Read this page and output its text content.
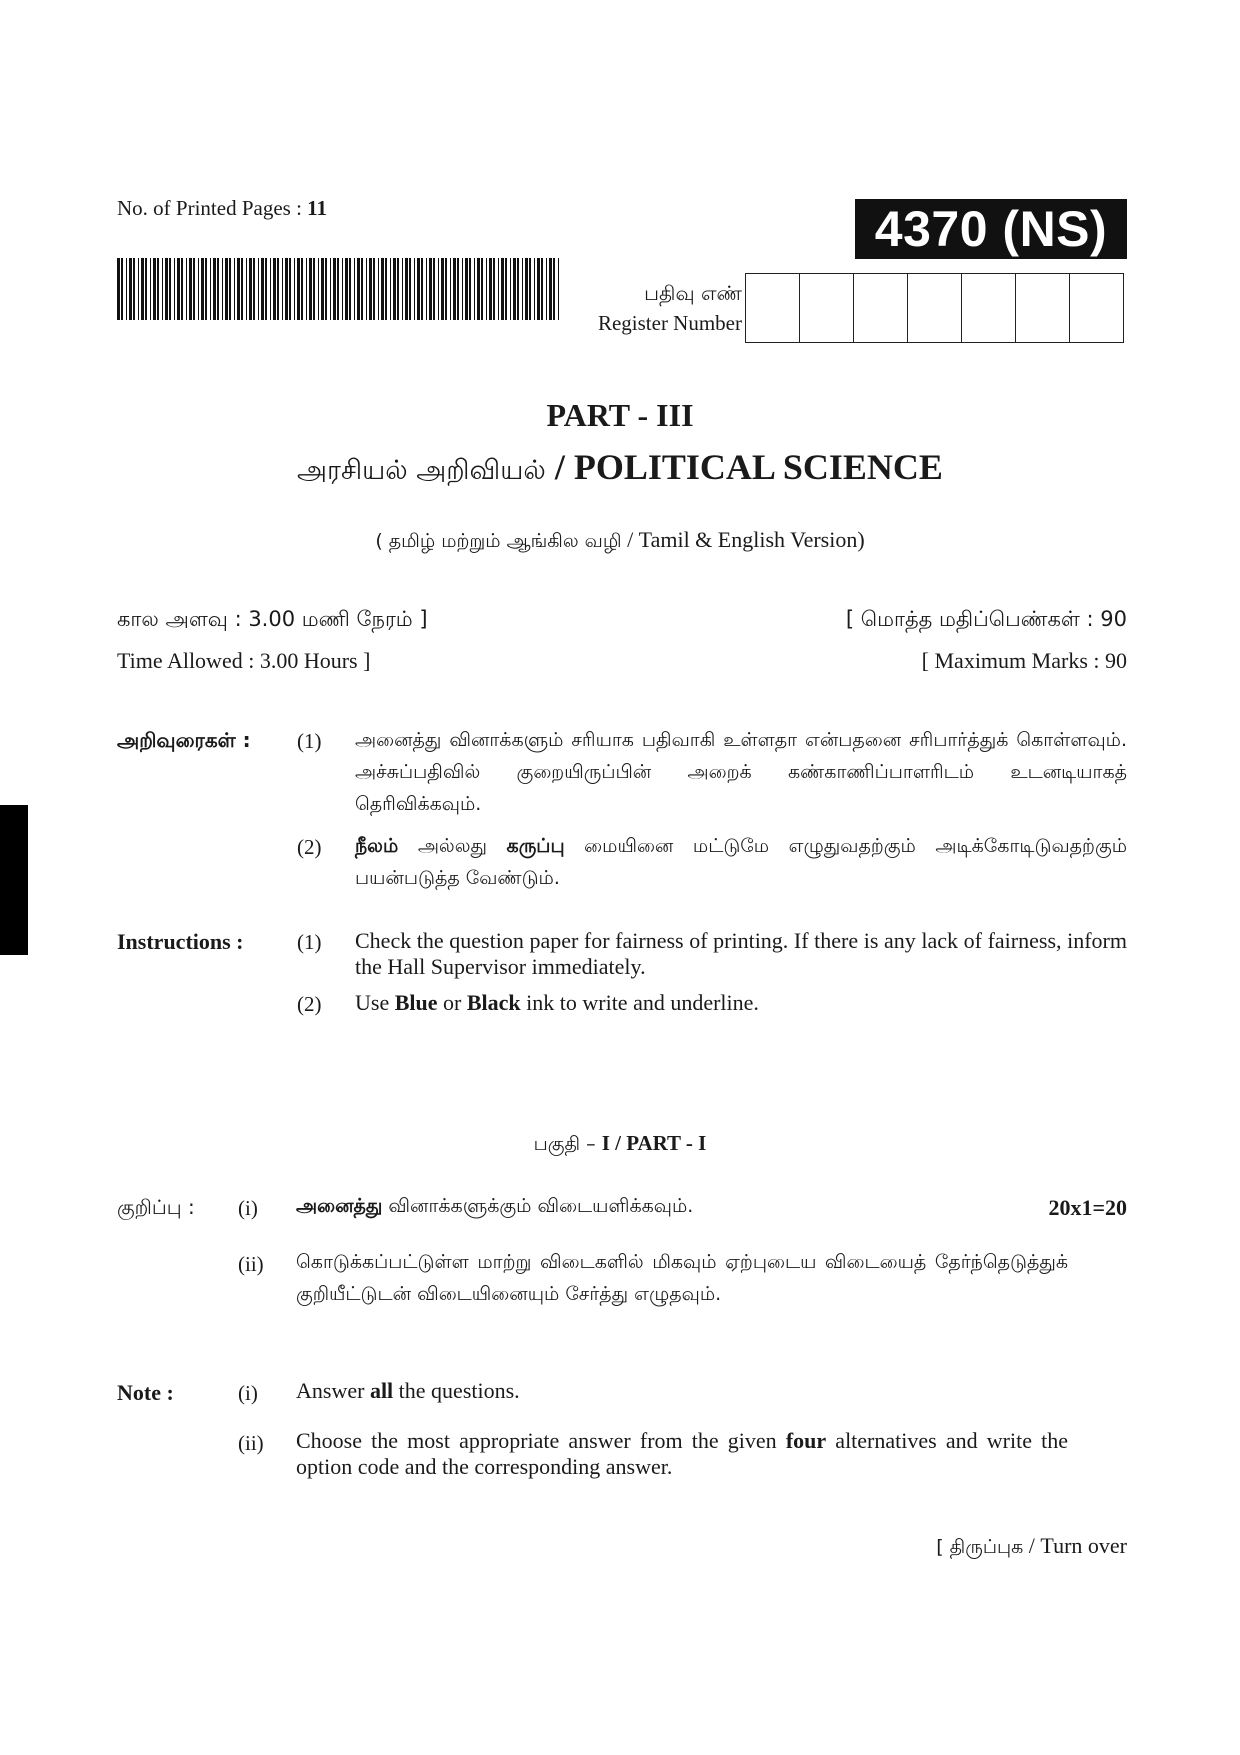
No. of Printed Pages : 11	4370 (NS)
பதிவு எண்
Register Number
PART - III
அரசியல் அறிவியல் / POLITICAL SCIENCE
( தமிழ் மற்றும் ஆங்கில வழி / Tamil & English Version)
கால அளவு : 3.00 மணி நேரம் ]
Time Allowed : 3.00 Hours ]
[ மொத்த மதிப்பெண்கள் : 90
[ Maximum Marks : 90
அறிவுரைகள் : (1) அனைத்து வினாக்களும் சரியாக பதிவாகி உள்ளதா என்பதனை சரிபார்த்துக் கொள்ளவும். அச்சுப்பதிவில் குறையிருப்பின் அறைக் கண்காணிப்பாளரிடம் உடனடியாகத் தெரிவிக்கவும்.
(2) நீலம் அல்லது கருப்பு மையினை மட்டுமே எழுதுவதற்கும் அடிக்கோடிடுவதற்கும் பயன்படுத்த வேண்டும்.
Instructions :	(1) Check the question paper for fairness of printing. If there is any lack of fairness, inform the Hall Supervisor immediately.
(2) Use Blue or Black ink to write and underline.
பகுதி – I / PART - I
குறிப்பு : (i) அனைத்து வினாக்களுக்கும் விடையளிக்கவும்.	20x1=20
(ii) கொடுக்கப்பட்டுள்ள மாற்று விடைகளில் மிகவும் ஏற்புடைய விடையைத் தேர்ந்தெடுத்துக் குறியீட்டுடன் விடையினையும் சேர்த்து எழுதவும்.
Note :	(i) Answer all the questions.
(ii) Choose the most appropriate answer from the given four alternatives and write the option code and the corresponding answer.
[ திருப்புக / Turn over
